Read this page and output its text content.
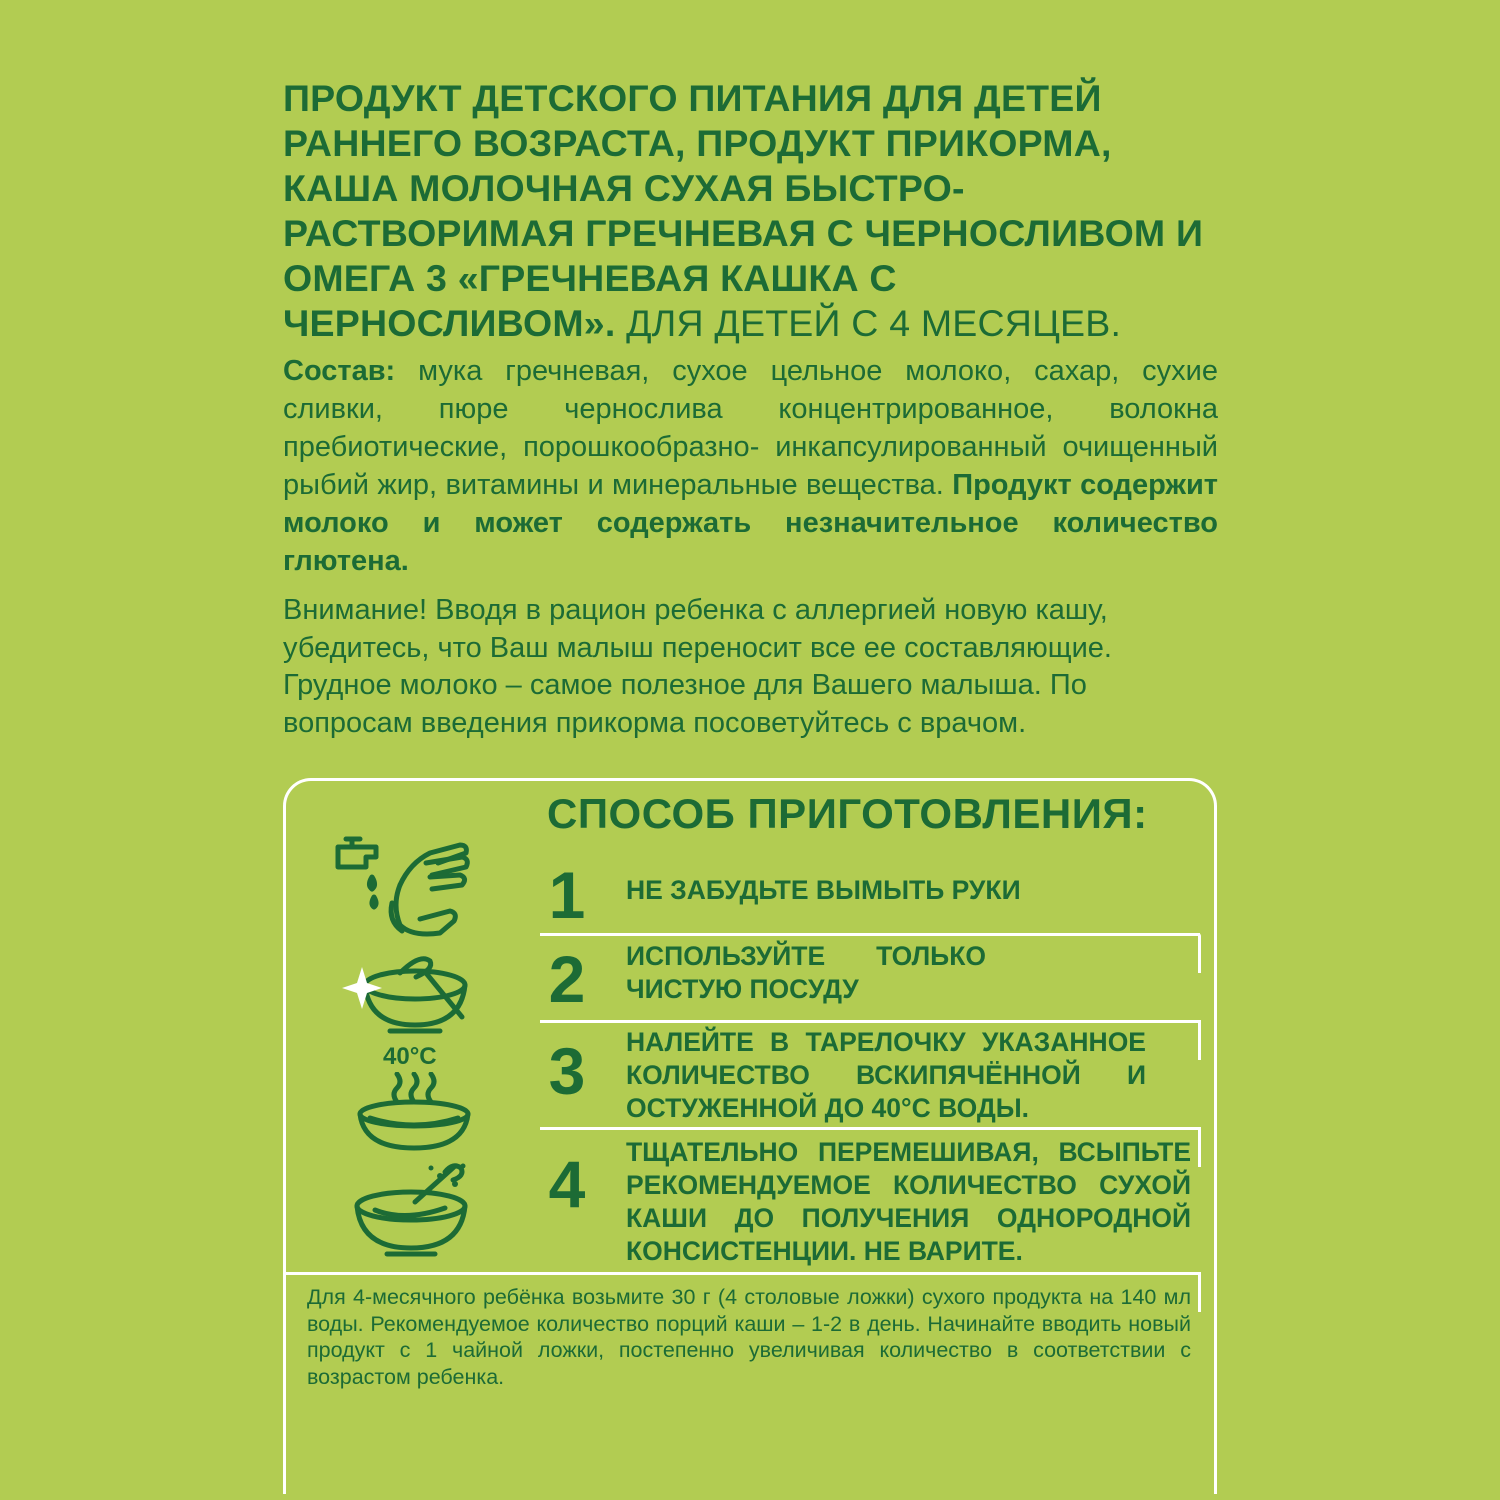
ПРОДУКТ ДЕТСКОГО ПИТАНИЯ ДЛЯ ДЕТЕЙ РАННЕГО ВОЗРАСТА, ПРОДУКТ ПРИКОРМА, КАША МОЛОЧНАЯ СУХАЯ БЫСТРО-РАСТВОРИМАЯ ГРЕЧНЕВАЯ С ЧЕРНОСЛИВОМ И ОМЕГА 3 «ГРЕЧНЕВАЯ КАШКА С ЧЕРНОСЛИВОМ». ДЛЯ ДЕТЕЙ С 4 МЕСЯЦЕВ.
Состав: мука гречневая, сухое цельное молоко, сахар, сухие сливки, пюре чернослива концентрированное, волокна пребиотические, порошкообразно- инкапсулированный очищенный рыбий жир, витамины и минеральные вещества. Продукт содержит молоко и может содержать незначительное количество глютена.
Внимание! Вводя в рацион ребенка с аллергией новую кашу, убедитесь, что Ваш малыш переносит все ее составляющие. Грудное молоко – самое полезное для Вашего малыша. По вопросам введения прикорма посоветуйтесь с врачом.
СПОСОБ ПРИГОТОВЛЕНИЯ:
1
2
3
4
НЕ ЗАБУДЬТЕ ВЫМЫТЬ РУКИ
ИСПОЛЬЗУЙТЕ ТОЛЬКО ЧИСТУЮ ПОСУДУ
НАЛЕЙТЕ В ТАРЕЛОЧКУ УКАЗАННОЕ КОЛИЧЕСТВО ВСКИПЯЧЁННОЙ И ОСТУЖЕННОЙ ДО 40°С ВОДЫ.
ТЩАТЕЛЬНО ПЕРЕМЕШИВАЯ, ВСЫПЬТЕ РЕКОМЕНДУЕМОЕ КОЛИЧЕСТВО СУХОЙ КАШИ ДО ПОЛУЧЕНИЯ ОДНОРОДНОЙ КОНСИСТЕНЦИИ. НЕ ВАРИТЕ.
Для 4-месячного ребёнка возьмите 30 г (4 столовые ложки) сухого продукта на 140 мл воды. Рекомендуемое количество порций каши – 1-2 в день. Начинайте вводить новый продукт с 1 чайной ложки, постепенно увеличивая количество в соответствии с возрастом ребенка.
40°C
